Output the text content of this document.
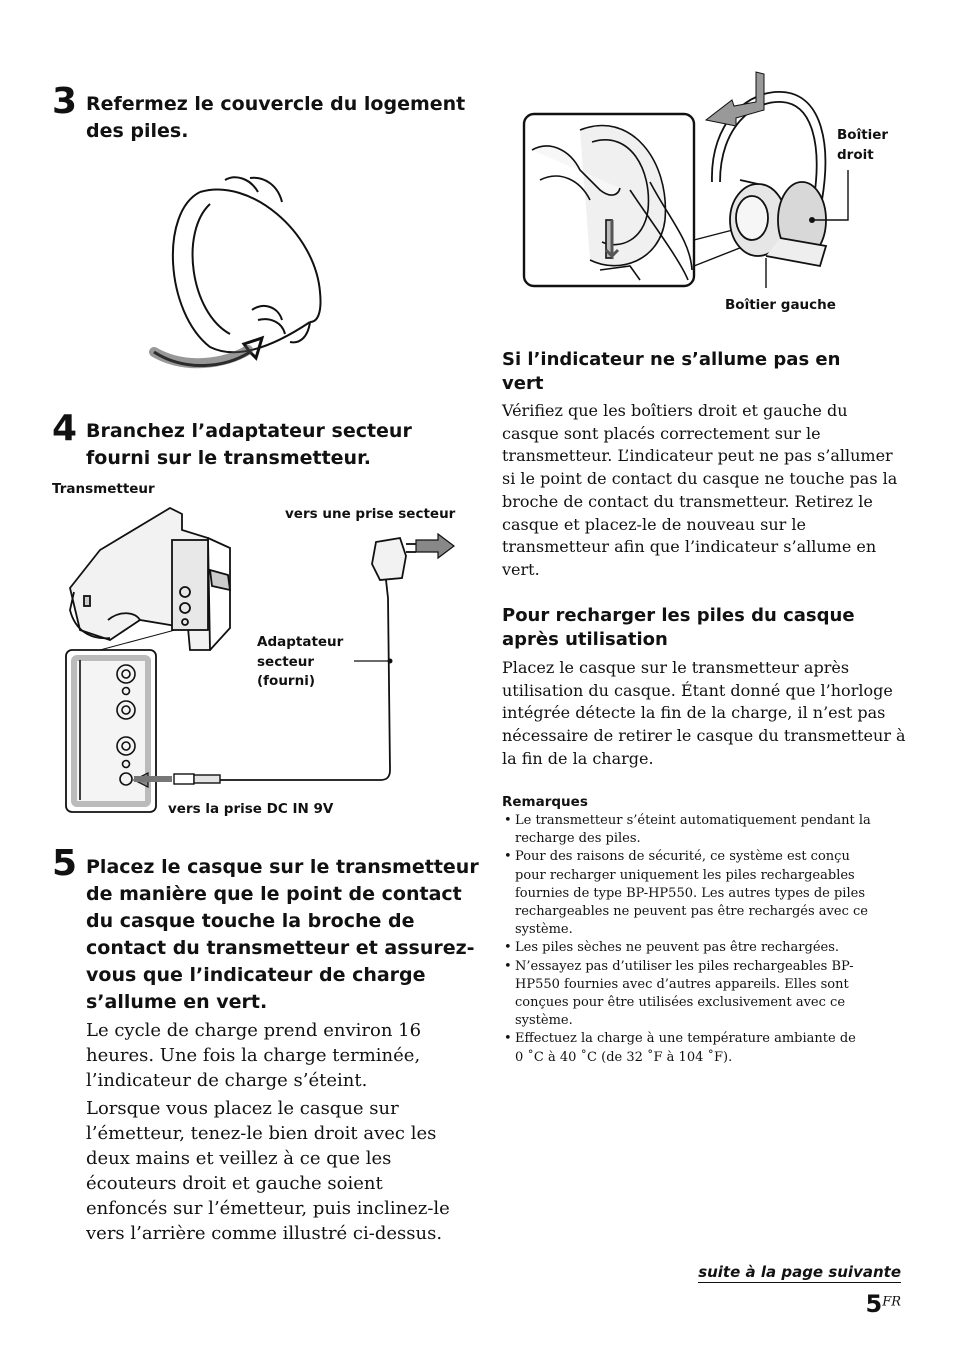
3 Refermez le couvercle du logement
des piles.
4 Branchez l’adaptateur secteur
fourni sur le transmetteur.
Transmetteur
vers une prise secteur
Adaptateur
secteur
(fourni)
vers la prise DC IN 9V
5 Placez le casque sur le transmetteur
de manière que le point de contact
du casque touche la broche de
contact du transmetteur et assurez-
vous que l’indicateur de charge
s’allume en vert.
Le cycle de charge prend environ 16
heures. Une fois la charge terminée,
l’indicateur de charge s’éteint.
Lorsque vous placez le casque sur
l’émetteur, tenez-le bien droit avec les
deux mains et veillez à ce que les
écouteurs droit et gauche soient
enfoncés sur l’émetteur, puis inclinez-le
vers l’arrière comme illustré ci-dessus.
Boîtier
droit
Boîtier gauche
Si l’indicateur ne s’allume pas en
vert
Vérifiez que les boîtiers droit et gauche du
casque sont placés correctement sur le
transmetteur. L’indicateur peut ne pas s’allumer
si le point de contact du casque ne touche pas la
broche de contact du transmetteur. Retirez le
casque et placez-le de nouveau sur le
transmetteur afin que l’indicateur s’allume en
vert.
Pour recharger les piles du casque
après utilisation
Placez le casque sur le transmetteur après
utilisation du casque. Étant donné que l’horloge
intégrée détecte la fin de la charge, il n’est pas
nécessaire de retirer le casque du transmetteur à
la fin de la charge.
Remarques
• Le transmetteur s’éteint automatiquement pendant la
recharge des piles.
• Pour des raisons de sécurité, ce système est conçu
pour recharger uniquement les piles rechargeables
fournies de type BP-HP550. Les autres types de piles
rechargeables ne peuvent pas être rechargés avec ce
système.
• Les piles sèches ne peuvent pas être rechargées.
• N’essayez pas d’utiliser les piles rechargeables BP-
HP550 fournies avec d’autres appareils. Elles sont
conçues pour être utilisées exclusivement avec ce
système.
• Effectuez la charge à une température ambiante de
0 ˚C à 40 ˚C (de 32 ˚F à 104 ˚F).
suite à la page suivante
$5^{FR}$
